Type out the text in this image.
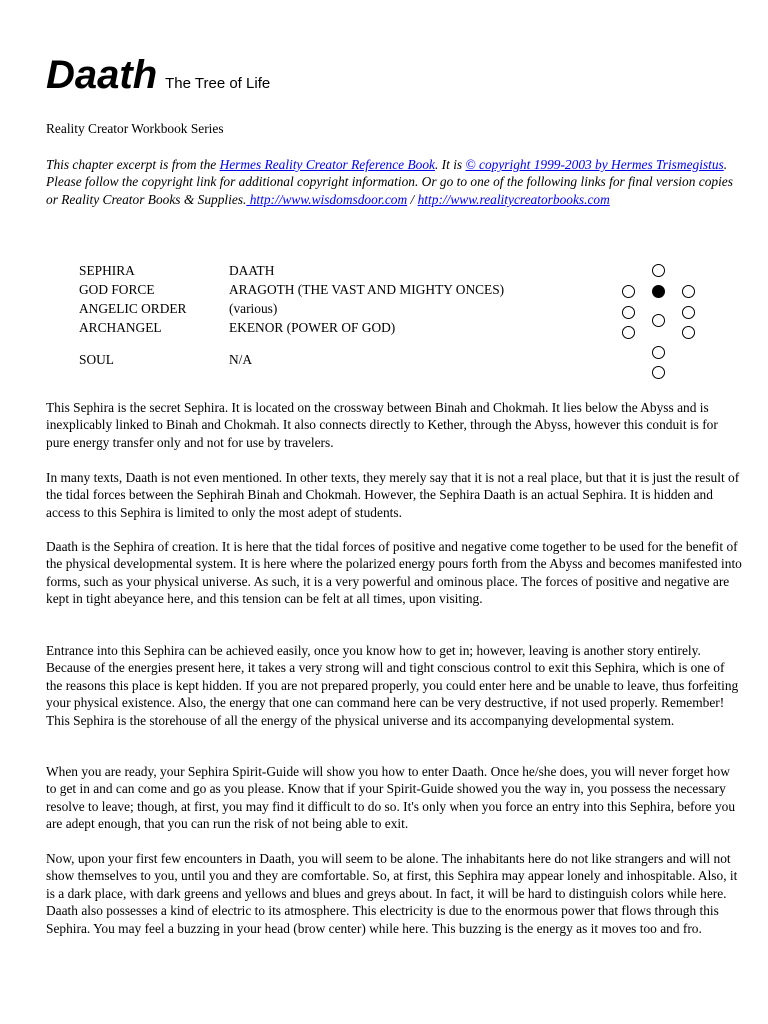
Daath The Tree of Life
Reality Creator Workbook Series
This chapter excerpt is from the Hermes Reality Creator Reference Book. It is © copyright 1999-2003 by Hermes Trismegistus. Please follow the copyright link for additional copyright information. Or go to one of the following links for final version copies or Reality Creator Books & Supplies. http://www.wisdomsdoor.com / http://www.realitycreatorbooks.com
SEPHIRA	DAATH
GOD FORCE	ARAGOTH (THE VAST AND MIGHTY ONCES)
ANGELIC ORDER	(various)
ARCHANGEL	EKENOR (POWER OF GOD)
SOUL	N/A
This Sephira is the secret Sephira. It is located on the crossway between Binah and Chokmah. It lies below the Abyss and is inexplicably linked to Binah and Chokmah. It also connects directly to Kether, through the Abyss, however this conduit is for pure energy transfer only and not for use by travelers.
In many texts, Daath is not even mentioned. In other texts, they merely say that it is not a real place, but that it is just the result of the tidal forces between the Sephirah Binah and Chokmah. However, the Sephira Daath is an actual Sephira. It is hidden and access to this Sephira is limited to only the most adept of students.
Daath is the Sephira of creation. It is here that the tidal forces of positive and negative come together to be used for the benefit of the physical developmental system. It is here where the polarized energy pours forth from the Abyss and becomes manifested into forms, such as your physical universe. As such, it is a very powerful and ominous place. The forces of positive and negative are kept in tight abeyance here, and this tension can be felt at all times, upon visiting.
Entrance into this Sephira can be achieved easily, once you know how to get in; however, leaving is another story entirely. Because of the energies present here, it takes a very strong will and tight conscious control to exit this Sephira, which is one of the reasons this place is kept hidden. If you are not prepared properly, you could enter here and be unable to leave, thus forfeiting your physical existence. Also, the energy that one can command here can be very destructive, if not used properly. Remember! This Sephira is the storehouse of all the energy of the physical universe and its accompanying developmental system.
When you are ready, your Sephira Spirit-Guide will show you how to enter Daath. Once he/she does, you will never forget how to get in and can come and go as you please. Know that if your Spirit-Guide showed you the way in, you possess the necessary resolve to leave; though, at first, you may find it difficult to do so. It's only when you force an entry into this Sephira, before you are adept enough, that you can run the risk of not being able to exit.
Now, upon your first few encounters in Daath, you will seem to be alone. The inhabitants here do not like strangers and will not show themselves to you, until you and they are comfortable. So, at first, this Sephira may appear lonely and inhospitable. Also, it is a dark place, with dark greens and yellows and blues and greys about. In fact, it will be hard to distinguish colors while here. Daath also possesses a kind of electric to its atmosphere. This electricity is due to the enormous power that flows through this Sephira. You may feel a buzzing in your head (brow center) while here. This buzzing is the energy as it moves too and fro.
